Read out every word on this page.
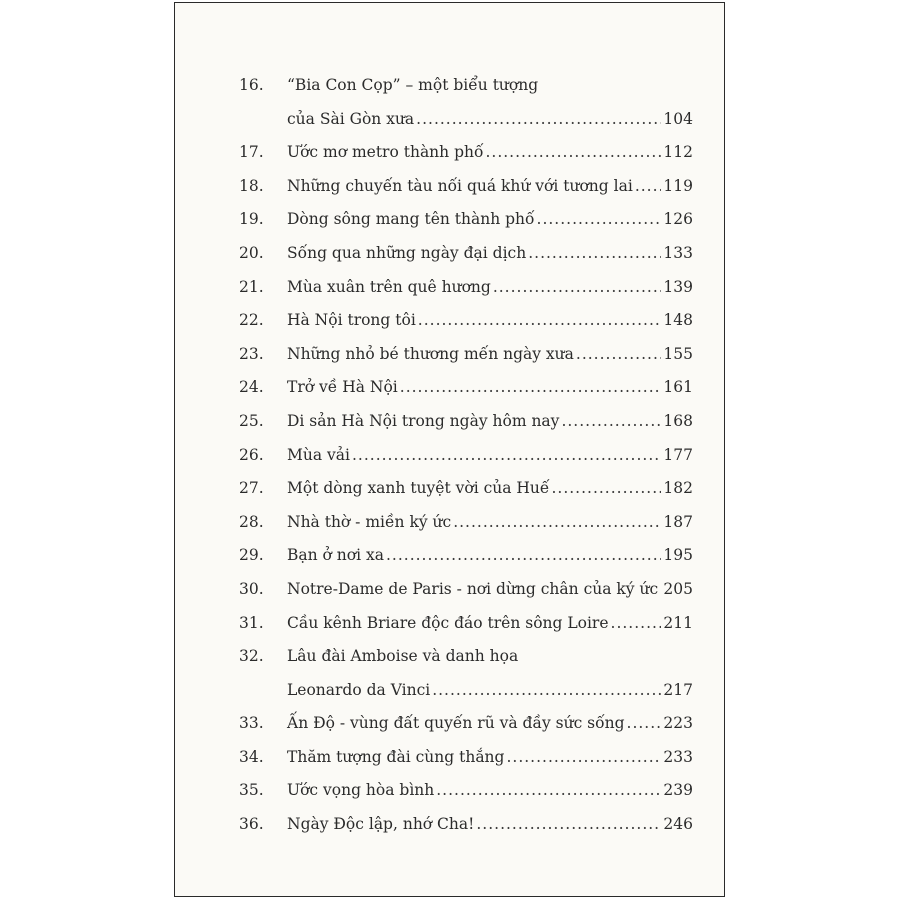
16.	“Bia Con Cọp” – một biểu tượng
của Sài Gòn xưa .....	104
17.	Ước mơ metro thành phố .....	112
18.	Những chuyến tàu nối quá khứ với tương lai ..... 119
19.	Dòng sông mang tên thành phố .....	126
20.	Sống qua những ngày đại dịch .....	133
21.	Mùa xuân trên quê hương .....	139
22.	Hà Nội trong tôi .....	148
23.	Những nhỏ bé thương mến ngày xưa .....	155
24.	Trở về Hà Nội .....	161
25.	Di sản Hà Nội trong ngày hôm nay .....	168
26.	Mùa vải .....	177
27.	Một dòng xanh tuyệt vời của Huế .....	182
28.	Nhà thờ - miền ký ức .....	187
29.	Bạn ở nơi xa .....	195
30.	Notre-Dame de Paris - nơi dừng chân của ký ức ..... 205
31.	Cầu kênh Briare độc đáo trên sông Loire .....	211
32.	Lâu đài Amboise và danh họa
Leonardo da Vinci .....	217
33.	Ấn Độ - vùng đất quyến rũ và đầy sức sống .....	223
34.	Thăm tượng đài cùng thắng .....	233
35.	Ước vọng hòa bình .....	239
36.	Ngày Độc lập, nhớ Cha! .....	246
